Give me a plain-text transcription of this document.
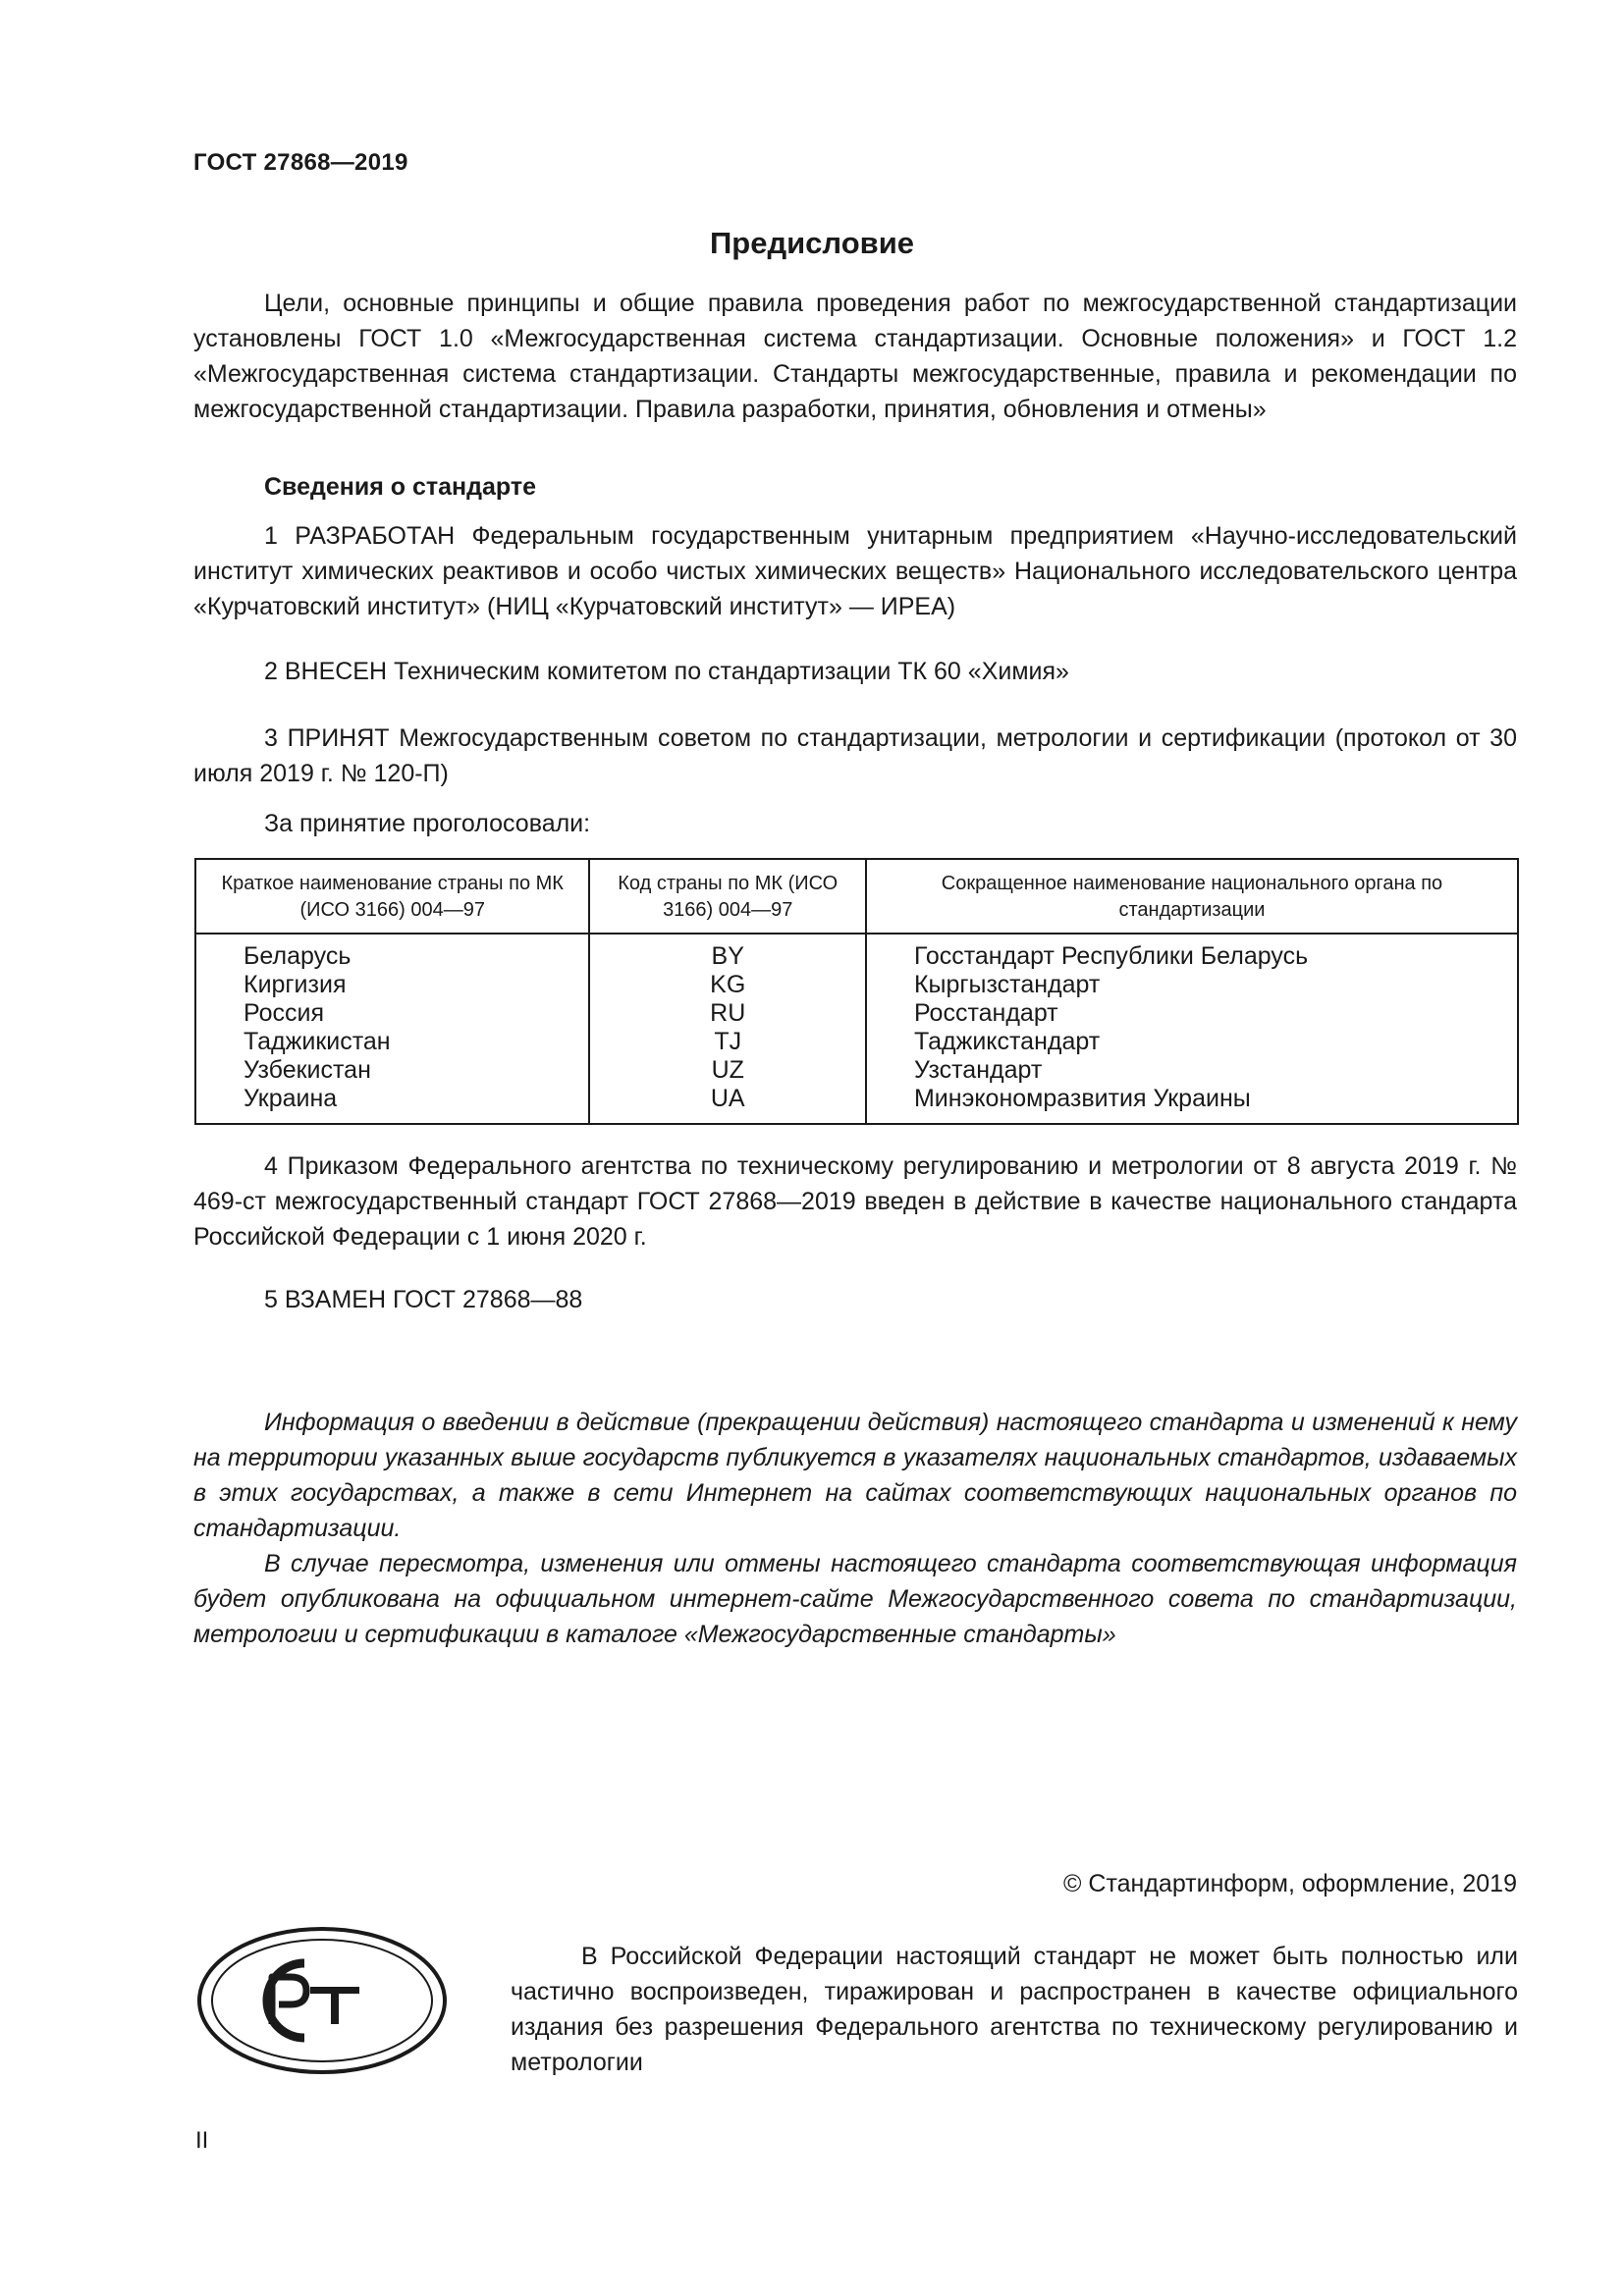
ГОСТ 27868—2019
Предисловие

Цели, основные принципы и общие правила проведения работ по межгосударственной стандартизации установлены ГОСТ 1.0 «Межгосударственная система стандартизации. Основные положения» и ГОСТ 1.2 «Межгосударственная система стандартизации. Стандарты межгосударственные, правила и рекомендации по межгосударственной стандартизации. Правила разработки, принятия, обновления и отмены»

Сведения о стандарте

1 РАЗРАБОТАН Федеральным государственным унитарным предприятием «Научно-исследовательский институт химических реактивов и особо чистых химических веществ» Национального исследовательского центра «Курчатовский институт» (НИЦ «Курчатовский институт» — ИРЕА)

2 ВНЕСЕН Техническим комитетом по стандартизации ТК 60 «Химия»

3 ПРИНЯТ Межгосударственным советом по стандартизации, метрологии и сертификации (протокол от 30 июля 2019 г. № 120-П)

За принятие проголосовали:

Краткое наименование страны по МК (ИСО 3166) 004—97	Код страны по МК (ИСО 3166) 004—97	Сокращенное наименование национального органа по стандартизации
Беларусь	BY	Госстандарт Республики Беларусь
Киргизия	KG	Кыргызстандарт
Россия	RU	Росстандарт
Таджикистан	TJ	Таджикстандарт
Узбекистан	UZ	Узстандарт
Украина	UA	Минэкономразвития Украины

4 Приказом Федерального агентства по техническому регулированию и метрологии от 8 августа 2019 г. № 469-ст межгосударственный стандарт ГОСТ 27868—2019 введен в действие в качестве национального стандарта Российской Федерации с 1 июня 2020 г.

5 ВЗАМЕН ГОСТ 27868—88

Информация о введении в действие (прекращении действия) настоящего стандарта и изменений к нему на территории указанных выше государств публикуется в указателях национальных стандартов, издаваемых в этих государствах, а также в сети Интернет на сайтах соответствующих национальных органов по стандартизации.

В случае пересмотра, изменения или отмены настоящего стандарта соответствующая информация будет опубликована на официальном интернет-сайте Межгосударственного совета по стандартизации, метрологии и сертификации в каталоге «Межгосударственные стандарты»

© Стандартинформ, оформление, 2019

В Российской Федерации настоящий стандарт не может быть полностью или частично воспроизведен, тиражирован и распространен в качестве официального издания без разрешения Федерального агентства по техническому регулированию и метрологии

II
